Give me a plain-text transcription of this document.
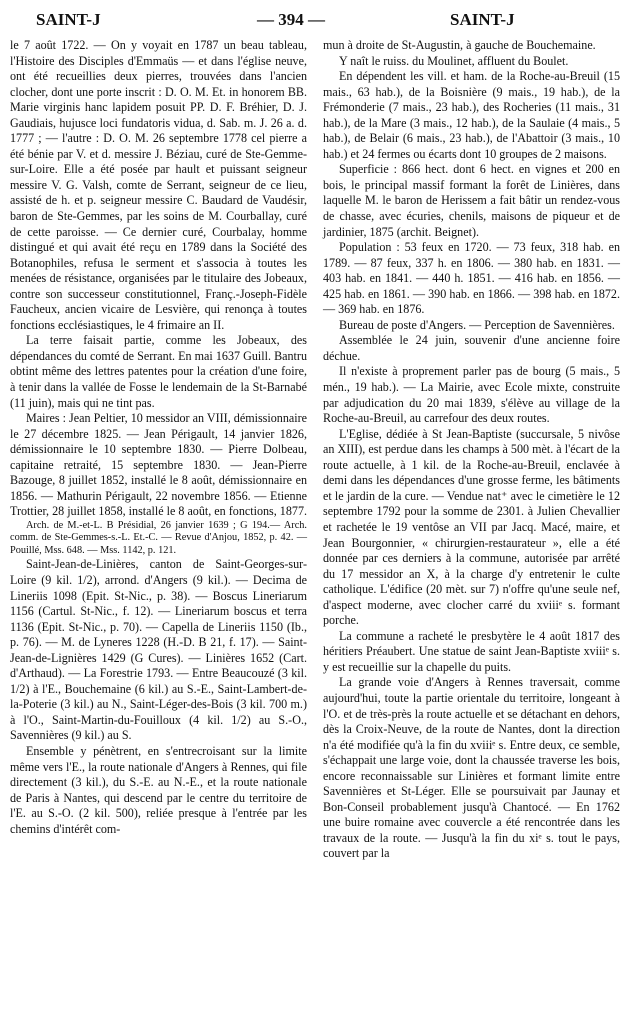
SAINT-J	— 394 —	SAINT-J

le 7 août 1722. — On y voyait en 1787 un beau tableau, l'Histoire des Disciples d'Emmaüs — et dans l'église neuve, ont été recueillies deux pierres, trouvées dans l'ancien clocher, dont une porte inscrit : D. O. M. Et. in honorem BB. Marie virginis hanc lapidem posuit PP. D. F. Bréhier, D. J. Gaudiais, hujusce loci fundatoris vidua, d. Sab. m. J. 26 a. d. 1777 ; — l'autre : D. O. M. 26 septembre 1778 cel pierre a été bénie par V. et d. messire J. Béziau, curé de Ste-Gemme-sur-Loire. Elle a été posée par hault et puissant seigneur messire V. G. Valsh, comte de Serrant, seigneur de ce lieu, assisté de h. et p. seigneur messire C. Baudard de Vaudésir, baron de Ste-Gemmes, par les soins de M. Courballay, curé de cette paroisse. — Ce dernier curé, Courbalay, homme distingué et qui avait été reçu en 1789 dans la Société des Botanophiles, refusa le serment et s'associa à toutes les menées de résistance, organisées par le titulaire des Jobeaux, contre son successeur constitutionnel, Franç.-Joseph-Fidèle Faucheux, ancien vicaire de Lesvière, qui renonça à toutes fonctions ecclésiastiques, le 4 frimaire an II.

La terre faisait partie, comme les Jobeaux, des dépendances du comté de Serrant. En mai 1637 Guill. Bantru obtint même des lettres patentes pour la création d'une foire, à tenir dans la vallée de Fosse le lendemain de la St-Barnabé (11 juin), mais qui ne tint pas.

Maires : Jean Peltier, 10 messidor an VIII, démissionnaire le 27 décembre 1825. — Jean Périgault, 14 janvier 1826, démissionnaire le 10 septembre 1830. — Pierre Dolbeau, capitaine retraité, 15 septembre 1830. — Jean-Pierre Bazouge, 8 juillet 1852, installé le 8 août, démissionnaire en 1856. — Mathurin Périgault, 22 novembre 1856. — Etienne Trottier, 28 juillet 1858, installé le 8 août, en fonctions, 1877.

Arch. de M.-et-L. B Présidial, 26 janvier 1639 ; G 194.— Arch. comm. de Ste-Gemmes-s.-L. Et.-C. — Revue d'Anjou, 1852, p. 42. — Pouillé, Mss. 648. — Mss. 1142, p. 121.

Saint-Jean-de-Linières, canton de Saint-Georges-sur-Loire (9 kil. 1/2), arrond. d'Angers (9 kil.). — Decima de Lineriis 1098 (Epit. St-Nic., p. 38). — Boscus Lineriarum 1156 (Cartul. St-Nic., f. 12). — Lineriarum boscus et terra 1136 (Epit. St-Nic., p. 70). — Capella de Lineriis 1150 (Ib., p. 76). — M. de Lyneres 1228 (H.-D. B 21, f. 17). — Saint-Jean-de-Lignières 1429 (G Cures). — Linières 1652 (Cart. d'Arthaud). — La Forestrie 1793. — Entre Beaucouzé (3 kil. 1/2) à l'E., Bouchemaine (6 kil.) au S.-E., Saint-Lambert-de-la-Poterie (3 kil.) au N., Saint-Léger-des-Bois (3 kil. 700 m.) à l'O., Saint-Martin-du-Fouilloux (4 kil. 1/2) au S.-O., Savennières (9 kil.) au S.

Ensemble y pénètrent, en s'entrecroisant sur la limite même vers l'E., la route nationale d'Angers à Rennes, qui file directement (3 kil.), du S.-E. au N.-E., et la route nationale de Paris à Nantes, qui descend par le centre du territoire de l'E. au S.-O. (2 kil. 500), reliée presque à l'entrée par les chemins d'intérêt com-

mun à droite de St-Augustin, à gauche de Bouchemaine.

Y naît le ruiss. du Moulinet, affluent du Boulet.

En dépendent les vill. et ham. de la Roche-au-Breuil (15 mais., 63 hab.), de la Boisnière (9 mais., 19 hab.), de la Frémonderie (7 mais., 23 hab.), des Rocheries (11 mais., 31 hab.), de la Mare (3 mais., 12 hab.), de la Saulaie (4 mais., 5 hab.), de Belair (6 mais., 23 hab.), de l'Abattoir (3 mais., 10 hab.) et 24 fermes ou écarts dont 10 groupes de 2 maisons.

Superficie : 866 hect. dont 6 hect. en vignes et 200 en bois, le principal massif formant la forêt de Linières, dans laquelle M. le baron de Herissem a fait bâtir un rendez-vous de chasse, avec écuries, chenils, maisons de piqueur et de jardinier, 1875 (archit. Beignet).

Population : 53 feux en 1720. — 73 feux, 318 hab. en 1789. — 87 feux, 337 h. en 1806. — 380 hab. en 1831. — 403 hab. en 1841. — 440 h. 1851. — 416 hab. en 1856. — 425 hab. en 1861. — 390 hab. en 1866. — 398 hab. en 1872. — 369 hab. en 1876.

Bureau de poste d'Angers. — Perception de Savennières.

Assemblée le 24 juin, souvenir d'une ancienne foire déchue.

Il n'existe à proprement parler pas de bourg (5 mais., 5 mén., 19 hab.). — La Mairie, avec Ecole mixte, construite par adjudication du 20 mai 1839, s'élève au village de la Roche-au-Breuil, au carrefour des deux routes.

L'Eglise, dédiée à St Jean-Baptiste (succursale, 5 nivôse an XIII), est perdue dans les champs à 500 mèt. à l'écart de la route actuelle, à 1 kil. de la Roche-au-Breuil, enclavée à demi dans les dépendances d'une grosse ferme, les bâtiments et le jardin de la cure. — Vendue nat⁺ avec le cimetière le 12 septembre 1792 pour la somme de 2301. à Julien Chevallier et rachetée le 19 ventôse an VII par Jacq. Macé, maire, et Jean Bourgonnier, « chirurgien-restaurateur », elle a été donnée par ces derniers à la commune, autorisée par arrêté du 17 messidor an X, à la charge d'y entretenir le culte catholique. L'édifice (20 mèt. sur 7) n'offre qu'une seule nef, d'aspect moderne, avec clocher carré du xviiiᵉ s. formant porche.

La commune a racheté le presbytère le 4 août 1817 des héritiers Préaubert. Une statue de saint Jean-Baptiste xviiiᵉ s. y est recueillie sur la chapelle du puits.

La grande voie d'Angers à Rennes traversait, comme aujourd'hui, toute la partie orientale du territoire, longeant à l'O. et de très-près la route actuelle et se détachant en dehors, dès la Croix-Neuve, de la route de Nantes, dont la direction n'a été modifiée qu'à la fin du xviiiᵉ s. Entre deux, ce semble, s'échappait une large voie, dont la chaussée traverse les bois, encore reconnaissable sur Linières et formant limite entre Savennières et St-Léger. Elle se poursuivait par Jaunay et Bon-Conseil probablement jusqu'à Chantocé. — En 1762 une buire romaine avec couvercle a été rencontrée dans les travaux de la route. — Jusqu'à la fin du xiᵉ s. tout le pays, couvert par la
